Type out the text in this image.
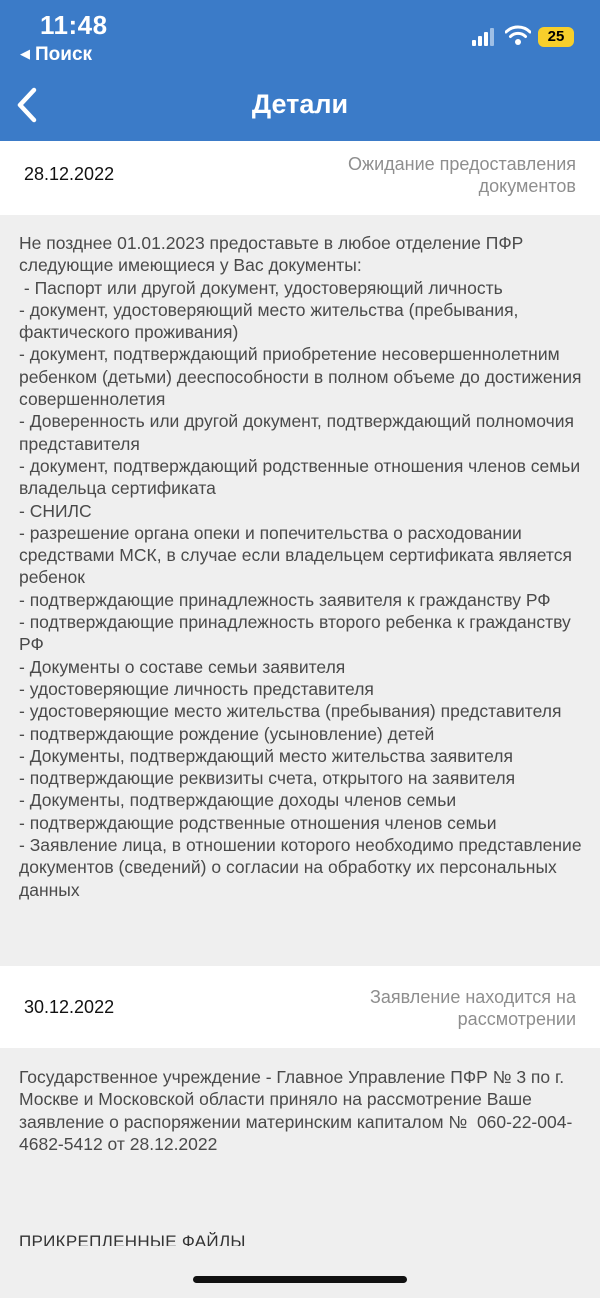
11:48
◀ Поиск
25
Детали
Ожидание предоставления документов
28.12.2022
Не позднее 01.01.2023 предоставьте в любое отделение ПФР следующие имеющиеся у Вас документы:
- Паспорт или другой документ, удостоверяющий личность
- документ, удостоверяющий место жительства (пребывания, фактического проживания)
- документ, подтверждающий приобретение несовершеннолетним ребенком (детьми) дееспособности в полном объеме до достижения совершеннолетия
- Доверенность или другой документ, подтверждающий полномочия представителя
- документ, подтверждающий родственные отношения членов семьи владельца сертификата
- СНИЛС
- разрешение органа опеки и попечительства о расходовании средствами МСК, в случае если владельцем сертификата является ребенок
- подтверждающие принадлежность заявителя к гражданству РФ
- подтверждающие принадлежность второго ребенка к гражданству РФ
- Документы о составе семьи заявителя
- удостоверяющие личность представителя
- удостоверяющие место жительства (пребывания) представителя
- подтверждающие рождение (усыновление) детей
- Документы, подтверждающий место жительства заявителя
- подтверждающие реквизиты счета, открытого на заявителя
- Документы, подтверждающие доходы членов семьи
- подтверждающие родственные отношения членов семьи
- Заявление лица, в отношении которого необходимо представление документов (сведений) о согласии на обработку их персональных данных
30.12.2022	Заявление находится на рассмотрении
Государственное учреждение - Главное Управление ПФР № 3 по г. Москве и Московской области приняло на рассмотрение Ваше заявление о распоряжении материнским капиталом №  060-22-004-4682-5412 от 28.12.2022
ПРИКРЕПЛЕННЫЕ ФАЙЛЫ
